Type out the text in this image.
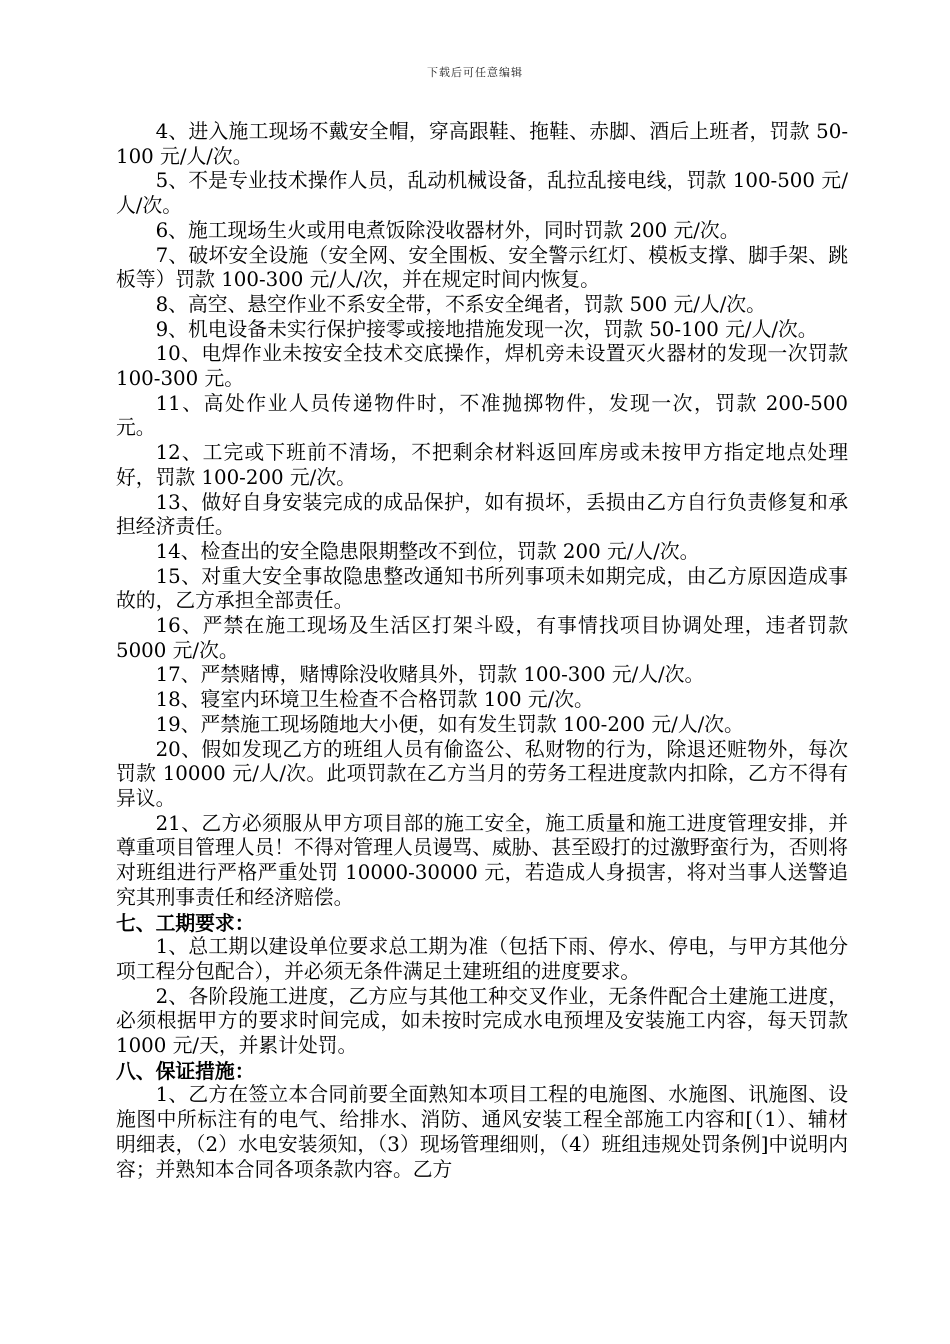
下载后可任意编辑

4、进入施工现场不戴安全帽，穿高跟鞋、拖鞋、赤脚、酒后上班者，罚款 50-100 元/人/次。

5、不是专业技术操作人员，乱动机械设备，乱拉乱接电线，罚款 100-500 元/人/次。

6、施工现场生火或用电煮饭除没收器材外，同时罚款 200 元/次。

7、破坏安全设施（安全网、安全围板、安全警示红灯、模板支撑、脚手架、跳板等）罚款 100-300 元/人/次，并在规定时间内恢复。

8、高空、悬空作业不系安全带，不系安全绳者，罚款 500 元/人/次。

9、机电设备未实行保护接零或接地措施发现一次，罚款 50-100 元/人/次。

10、电焊作业未按安全技术交底操作，焊机旁未设置灭火器材的发现一次罚款 100-300 元。

11、高处作业人员传递物件时，不准抛掷物件，发现一次，罚款 200-500 元。

12、工完或下班前不清场，不把剩余材料返回库房或未按甲方指定地点处理好，罚款 100-200 元/次。

13、做好自身安装完成的成品保护，如有损坏，丢损由乙方自行负责修复和承担经济责任。

14、检查出的安全隐患限期整改不到位，罚款 200 元/人/次。

15、对重大安全事故隐患整改通知书所列事项未如期完成，由乙方原因造成事故的，乙方承担全部责任。

16、严禁在施工现场及生活区打架斗殴，有事情找项目协调处理，违者罚款 5000 元/次。

17、严禁赌博，赌博除没收赌具外，罚款 100-300 元/人/次。

18、寝室内环境卫生检查不合格罚款 100 元/次。

19、严禁施工现场随地大小便，如有发生罚款 100-200 元/人/次。

20、假如发现乙方的班组人员有偷盗公、私财物的行为，除退还赃物外，每次罚款 10000 元/人/次。此项罚款在乙方当月的劳务工程进度款内扣除，乙方不得有异议。

21、乙方必须服从甲方项目部的施工安全，施工质量和施工进度管理安排，并尊重项目管理人员！不得对管理人员谩骂、威胁、甚至殴打的过激野蛮行为，否则将对班组进行严格严重处罚 10000-30000 元，若造成人身损害，将对当事人送警追究其刑事责任和经济赔偿。

七、工期要求：

1、总工期以建设单位要求总工期为准（包括下雨、停水、停电，与甲方其他分项工程分包配合），并必须无条件满足土建班组的进度要求。

2、各阶段施工进度，乙方应与其他工种交叉作业，无条件配合土建施工进度，必须根据甲方的要求时间完成，如未按时完成水电预埋及安装施工内容，每天罚款 1000 元/天，并累计处罚。

八、保证措施：

1、乙方在签立本合同前要全面熟知本项目工程的电施图、水施图、讯施图、设施图中所标注有的电气、给排水、消防、通风安装工程全部施工内容和[（1）、辅材明细表，（2）水电安装须知，（3）现场管理细则，（4）班组违规处罚条例]中说明内容；并熟知本合同各项条款内容。乙方
